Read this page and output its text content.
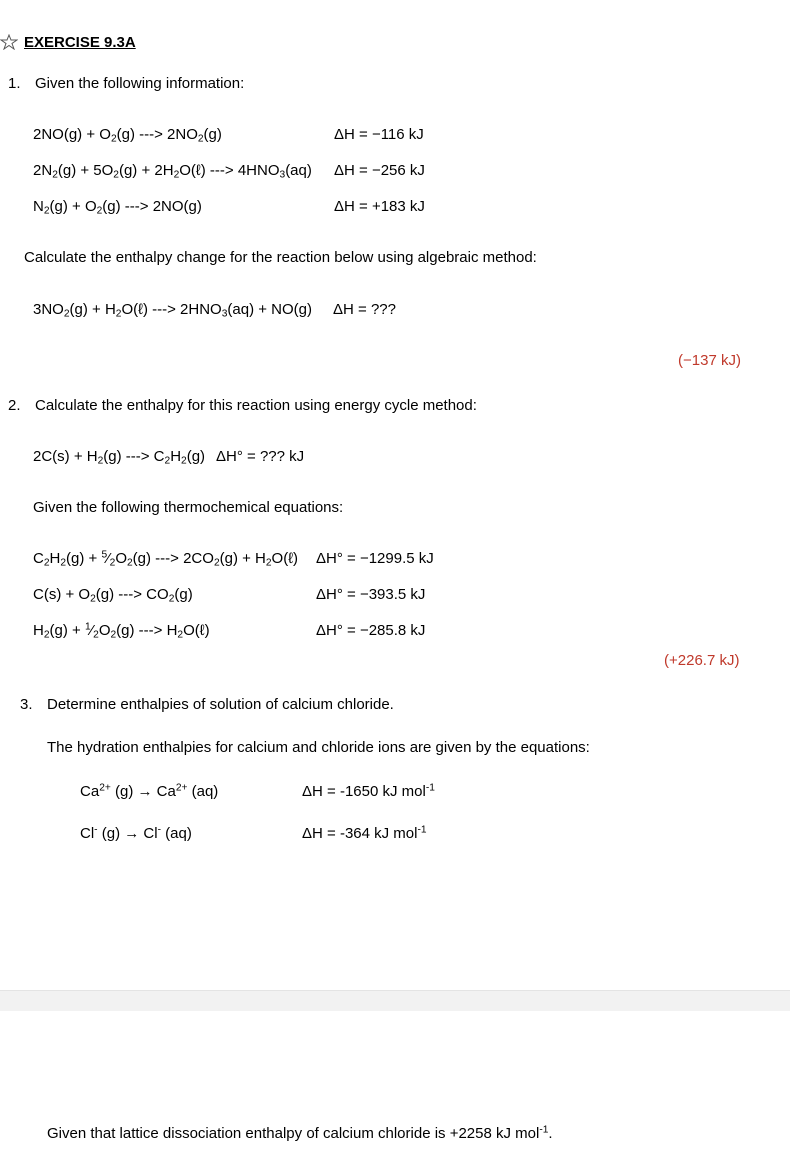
EXERCISE 9.3A
1. Given the following information:
$2NO(g) + O_2(g)$ ---> $2NO_2(g)$	ΔH = −116 kJ
$2N_2(g) + 5O_2(g)$ + $2H_2O(\ell)$ ---> $4HNO_3(aq) \Delta H = -256$ kJ
$N_2(g) + O_2(g)$ ---> 2NO(g)	ΔH = +183 kJ
Calculate the enthalpy change for the reaction below using algebraic method:
$3NO_2(g)$ + $H_2O(\ell)$ ---> $2HNO_3(aq) + NO(g) \Delta H$ = ???
(−137 kJ)
2. Calculate the enthalpy for this reaction using energy cycle method:
$2C(s) + H_2(g)$ ---> $C_2H_2(g) \Delta H^\circ$ = ??? kJ
Given the following thermochemical equations:
$C_2H_2(g)$ + $^5⁄_2O_2(g)$ ---> $2CO_2(g)$ + $H_2O(\ell) \Delta H^\circ = -1299.5$ kJ
$C(s) + O_2(g)$ ---> $CO_2(g)$	ΔH° = −393.5 kJ
$H_2(g)$ + $^1⁄_2O_2(g)$ ---> $H_2O(\ell)$	ΔH° = −285.8 kJ
(+226.7 kJ)
3. Determine enthalpies of solution of calcium chloride.
The hydration enthalpies for calcium and chloride ions are given by the equations:
$Ca^{2+}$ $(g) \to Ca^{2+}$ (aq)	ΔH = -1650 kJ mol$^{-1}$
Cl- (g) → Cl- (aq)	ΔH = -364 kJ mol$^{-1}$
Given that lattice dissociation enthalpy of calcium chloride is +2258 kJ mol$^{-1}$.
